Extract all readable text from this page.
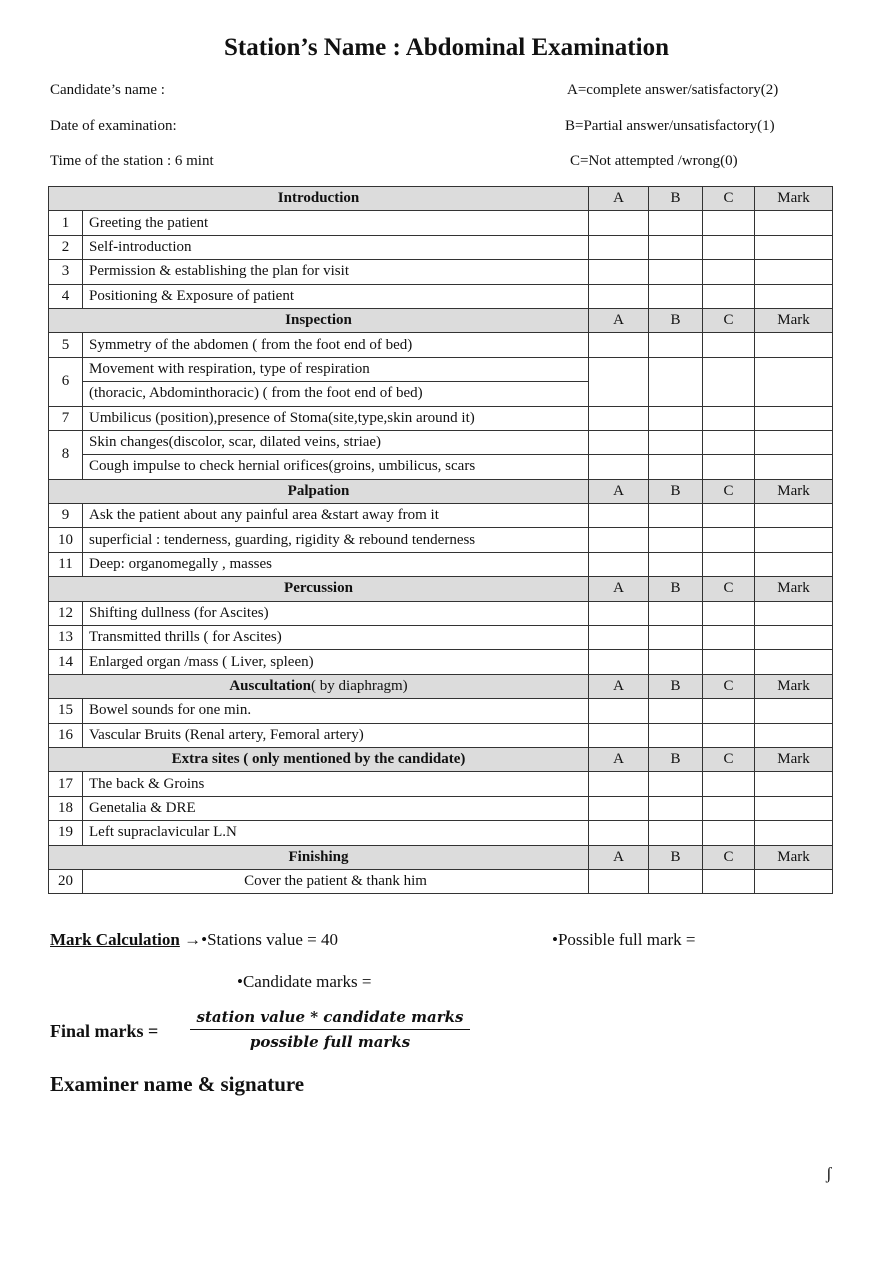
Station’s Name : Abdominal Examination
Candidate’s name :
Date of examination:
Time of the station : 6 mint
A=complete answer/satisfactory(2)
B=Partial answer/unsatisfactory(1)
C=Not attempted /wrong(0)
Introduction		A	B	C	Mark
1	Greeting the patient				
2	Self-introduction				
3	Permission & establishing the plan for visit				
4	Positioning & Exposure of patient				
Inspection		A	B	C	Mark
5	Symmetry of the abdomen ( from the foot end of bed)				
6	Movement with respiration, type of respiration				
	(thoracic, Abdominthoracic) ( from the foot end of bed)				
7	Umbilicus (position),presence of Stoma(site,type,skin around it)				
8	Skin changes(discolor, scar, dilated veins, striae)				
	Cough impulse to check hernial orifices(groins, umbilicus, scars				
Palpation		A	B	C	Mark
9	Ask the patient about any painful area &start away from it				
10	superficial : tenderness, guarding, rigidity & rebound tenderness				
11	Deep: organomegally , masses				
Percussion		A	B	C	Mark
12	Shifting dullness (for Ascites)				
13	Transmitted thrills ( for Ascites)				
14	Enlarged organ /mass ( Liver, spleen)				
Auscultation( by diaphragm)		A	B	C	Mark
15	Bowel sounds for one min.				
16	Vascular Bruits (Renal artery, Femoral artery)				
Extra sites ( only mentioned by the candidate)		A	B	C	Mark
17	The back & Groins				
18	Genetalia & DRE				
19	Left supraclavicular L.N				
Finishing		A	B	C	Mark
20	Cover the patient & thank him				
Mark Calculation →•Stations value = 40	•Possible full mark =
•Candidate marks =
Final marks =
station value * candidate marks
possible full marks
Examiner name & signature
ʃ
